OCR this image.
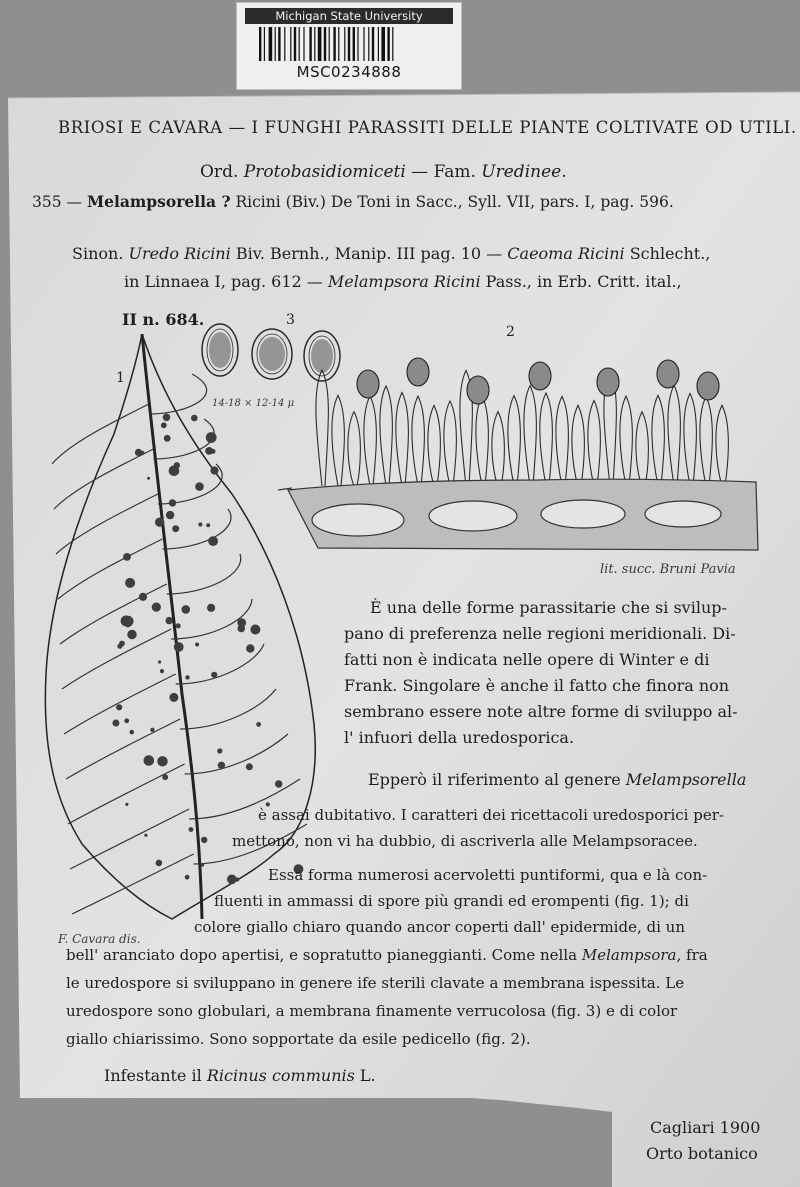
Michigan State University
MSC0234888
BRIOSI E CAVARA — I FUNGHI PARASSITI DELLE PIANTE COLTIVATE OD UTILI.
Ord. Protobasidiomiceti — Fam. Uredinee.
355 — Melampsorella ? Ricini (Biv.) De Toni in Sacc., Syll. VII, pars. I, pag. 596.
Sinon. Uredo Ricini Biv. Bernh., Manip. III pag. 10 — Caeoma Ricini Schlecht.,
in Linnaea I, pag. 612 — Melampsora Ricini Pass., in Erb. Critt. ital.,
II n. 684.	3
14-18 × 12-14 μ
2
lit. succ. Bruni Pavia
1
F. Cavara dis.
È una delle forme parassitarie che si svilup-
pano di preferenza nelle regioni meridionali. Di-
fatti non è indicata nelle opere di Winter e di
Frank. Singolare è anche il fatto che finora non
sembrano essere note altre forme di sviluppo al-
l' infuori della uredosporica.
Epperò il riferimento al genere Melampsorella
è assai dubitativo. I caratteri dei ricettacoli uredosporici per-
mettono, non vi ha dubbio, di ascriverla alle Melampsoracee.
Essa forma numerosi acervoletti puntiformi, qua e là con-
fluenti in ammassi di spore più grandi ed erompenti (fig. 1); di
colore giallo chiaro quando ancor coperti dall' epidermide, di un
bell' aranciato dopo apertisi, e sopratutto pianeggianti. Come nella Melampsora, fra
le uredospore si sviluppano in genere ife sterili clavate a membrana ispessita. Le
uredospore sono globulari, a membrana finamente verrucolosa (fig. 3) e di color
giallo chiarissimo. Sono sopportate da esile pedicello (fig. 2).
Infestante il Ricinus communis L.
Cagliari 1900
Orto botanico
